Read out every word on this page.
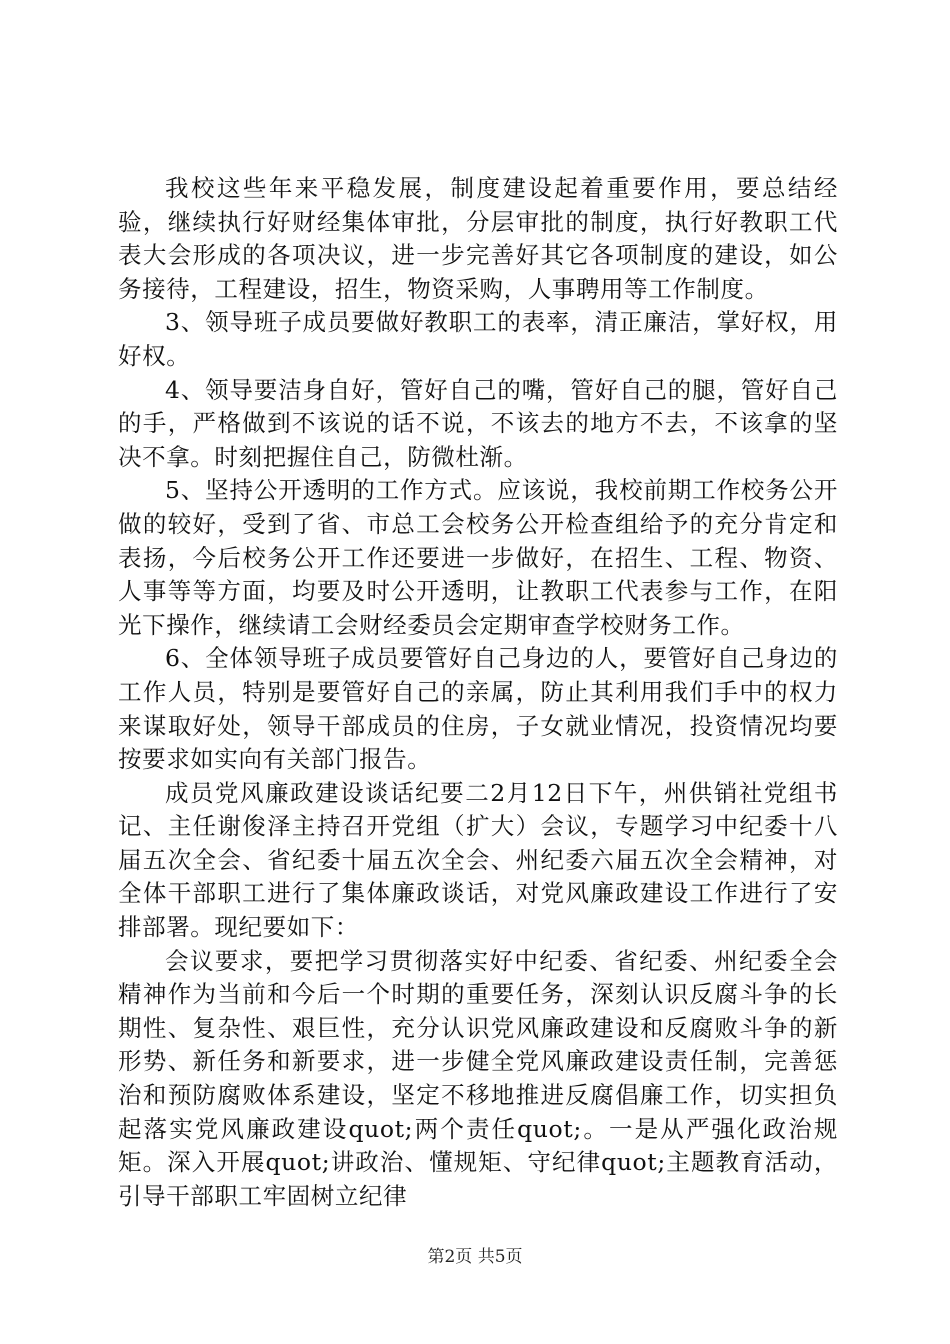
我校这些年来平稳发展，制度建设起着重要作用，要总结经验，继续执行好财经集体审批，分层审批的制度，执行好教职工代表大会形成的各项决议，进一步完善好其它各项制度的建设，如公务接待，工程建设，招生，物资采购，人事聘用等工作制度。

3、领导班子成员要做好教职工的表率，清正廉洁，掌好权，用好权。

4、领导要洁身自好，管好自己的嘴，管好自己的腿，管好自己的手，严格做到不该说的话不说，不该去的地方不去，不该拿的坚决不拿。时刻把握住自己，防微杜渐。

5、坚持公开透明的工作方式。应该说，我校前期工作校务公开做的较好，受到了省、市总工会校务公开检查组给予的充分肯定和表扬，今后校务公开工作还要进一步做好，在招生、工程、物资、人事等等方面，均要及时公开透明，让教职工代表参与工作，在阳光下操作，继续请工会财经委员会定期审查学校财务工作。

6、全体领导班子成员要管好自己身边的人，要管好自己身边的工作人员，特别是要管好自己的亲属，防止其利用我们手中的权力来谋取好处，领导干部成员的住房，子女就业情况，投资情况均要按要求如实向有关部门报告。

成员党风廉政建设谈话纪要二2月12日下午，州供销社党组书记、主任谢俊泽主持召开党组（扩大）会议，专题学习中纪委十八届五次全会、省纪委十届五次全会、州纪委六届五次全会精神，对全体干部职工进行了集体廉政谈话，对党风廉政建设工作进行了安排部署。现纪要如下：

会议要求，要把学习贯彻落实好中纪委、省纪委、州纪委全会精神作为当前和今后一个时期的重要任务，深刻认识反腐斗争的长期性、复杂性、艰巨性，充分认识党风廉政建设和反腐败斗争的新形势、新任务和新要求，进一步健全党风廉政建设责任制，完善惩治和预防腐败体系建设，坚定不移地推进反腐倡廉工作，切实担负起落实党风廉政建设quot;两个责任quot;。一是从严强化政治规矩。深入开展quot;讲政治、懂规矩、守纪律quot;主题教育活动，引导干部职工牢固树立纪律

第2页 共5页
